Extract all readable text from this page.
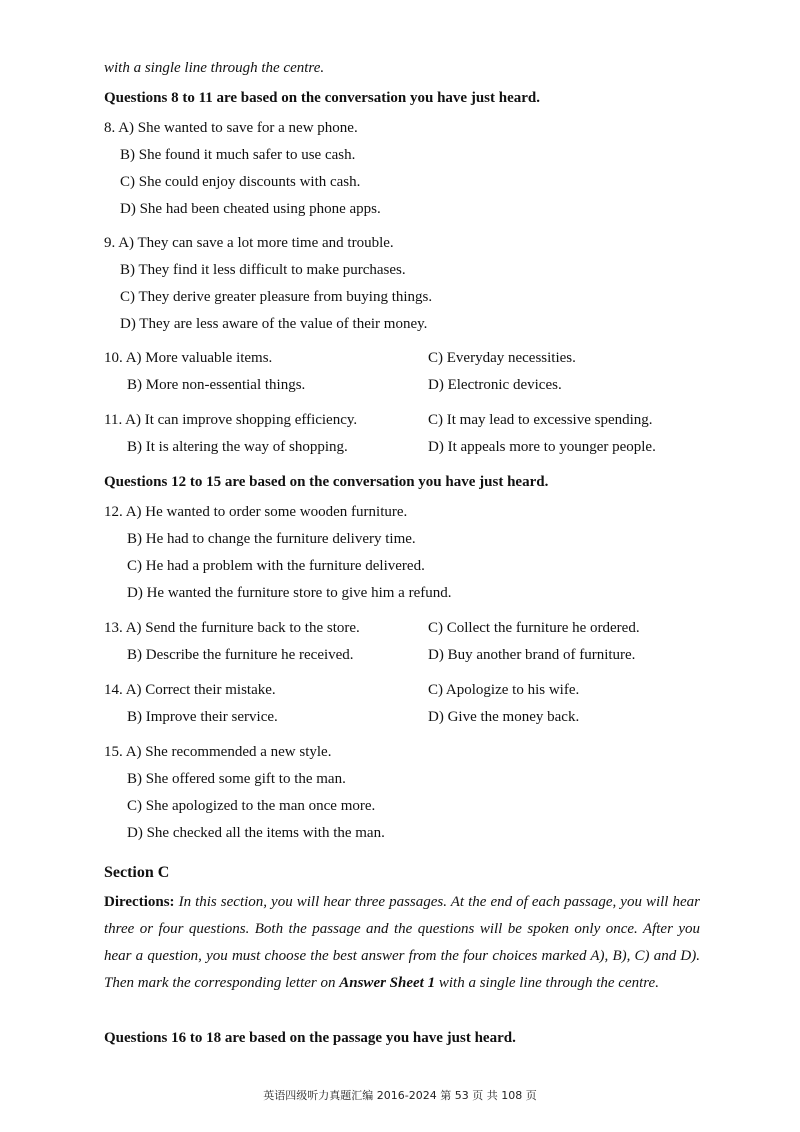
with a single line through the centre.
Questions 8 to 11 are based on the conversation you have just heard.
8. A) She wanted to save for a new phone.
B) She found it much safer to use cash.
C) She could enjoy discounts with cash.
D) She had been cheated using phone apps.
9. A) They can save a lot more time and trouble.
B) They find it less difficult to make purchases.
C) They derive greater pleasure from buying things.
D) They are less aware of the value of their money.
10. A) More valuable items.	C) Everyday necessities.
B) More non-essential things.	D) Electronic devices.
11. A) It can improve shopping efficiency.	C) It may lead to excessive spending.
B) It is altering the way of shopping.	D) It appeals more to younger people.
Questions 12 to 15 are based on the conversation you have just heard.
12. A) He wanted to order some wooden furniture.
B) He had to change the furniture delivery time.
C) He had a problem with the furniture delivered.
D) He wanted the furniture store to give him a refund.
13. A) Send the furniture back to the store.	C) Collect the furniture he ordered.
B) Describe the furniture he received.	D) Buy another brand of furniture.
14. A) Correct their mistake.	C) Apologize to his wife.
B) Improve their service.	D) Give the money back.
15. A) She recommended a new style.
B) She offered some gift to the man.
C) She apologized to the man once more.
D) She checked all the items with the man.
Section C
Directions: In this section, you will hear three passages. At the end of each passage, you will hear three or four questions. Both the passage and the questions will be spoken only once. After you hear a question, you must choose the best answer from the four choices marked A), B), C) and D). Then mark the corresponding letter on Answer Sheet 1 with a single line through the centre.
Questions 16 to 18 are based on the passage you have just heard.
英语四级听力真题汇编 2016-2024 第 53 页 共 108 页
